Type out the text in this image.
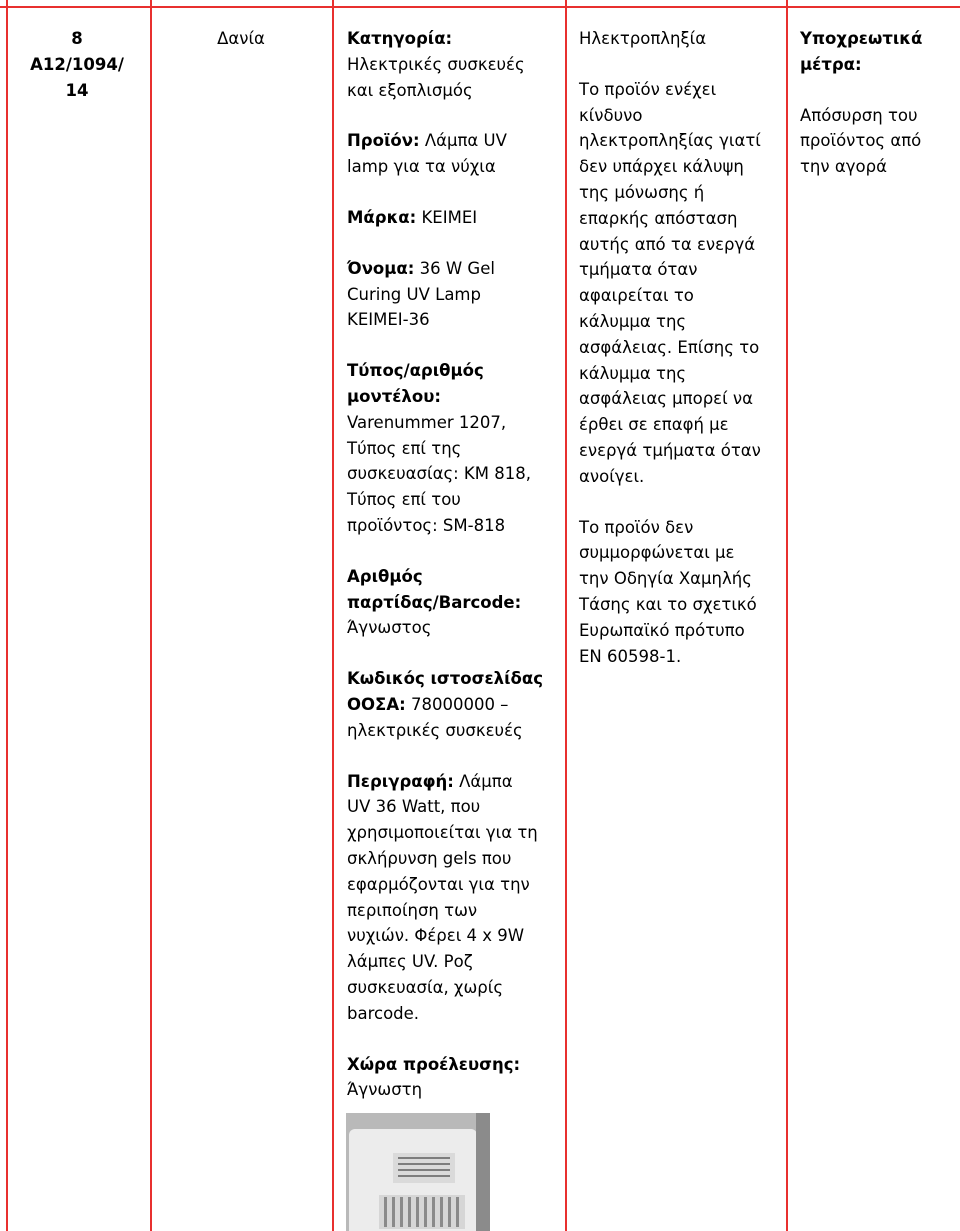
8
A12/1094/
14
Δανία	Κατηγορία:
Ηλεκτρικές συσκευές
και εξοπλισμός
Προϊόν: Λάμπα UV
lamp για τα νύχια
Μάρκα: KEIMEI
Όνομα: 36 W Gel
Curing UV Lamp
KEIMEI-36
Τύπος/αριθμός
μοντέλου:
Varenummer 1207,
Τύπος επί της
συσκευασίας: KM 818,
Τύπος επί του
προϊόντος: SM-818
Αριθμός
παρτίδας/Barcode:
Άγνωστος
Κωδικός ιστοσελίδας
ΟΟΣΑ: 78000000 –
ηλεκτρικές συσκευές
Περιγραφή: Λάμπα
UV 36 Watt, που
χρησιμοποιείται για τη
σκλήρυνση gels που
εφαρμόζονται για την
περιποίηση των
νυχιών. Φέρει 4 x 9W
λάμπες UV. Ροζ
συσκευασία, χωρίς
barcode.
Χώρα προέλευσης:
Άγνωστη
Ηλεκτροπληξία
Το προϊόν ενέχει
κίνδυνο
ηλεκτροπληξίας γιατί
δεν υπάρχει κάλυψη
της μόνωσης ή
επαρκής απόσταση
αυτής από τα ενεργά
τμήματα όταν
αφαιρείται το
κάλυμμα της
ασφάλειας. Επίσης το
κάλυμμα της
ασφάλειας μπορεί να
έρθει σε επαφή με
ενεργά τμήματα όταν
ανοίγει.
Το προϊόν δεν
συμμορφώνεται με
την Οδηγία Χαμηλής
Τάσης και το σχετικό
Ευρωπαϊκό πρότυπο
EN 60598-1.
Υποχρεωτικά
μέτρα:
Απόσυρση του
προϊόντος από
την αγορά
